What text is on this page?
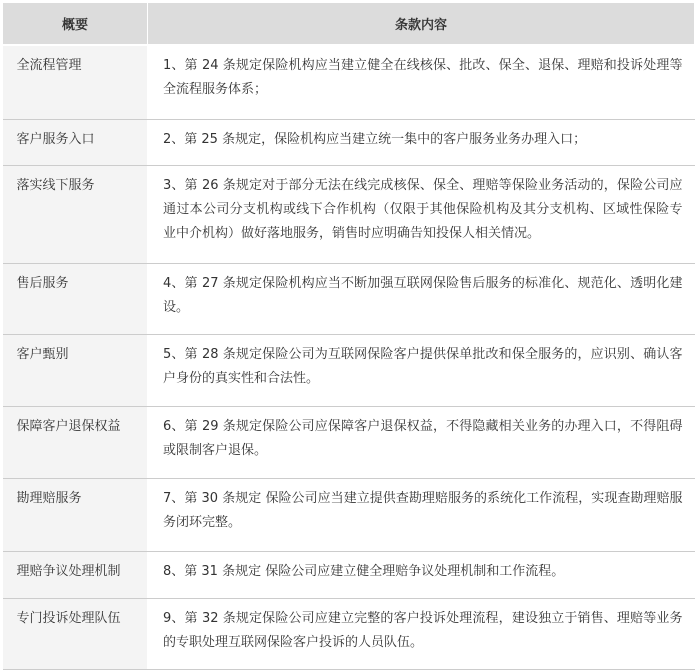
概要	条款内容
全流程管理	1、第 24 条规定保险机构应当建立健全在线核保、批改、保全、退保、理赔和投诉处理等全流程服务体系；
客户服务入口	2、第 25 条规定，保险机构应当建立统一集中的客户服务业务办理入口；
落实线下服务	3、第 26 条规定对于部分无法在线完成核保、保全、理赔等保险业务活动的，保险公司应通过本公司分支机构或线下合作机构（仅限于其他保险机构及其分支机构、区域性保险专业中介机构）做好落地服务，销售时应明确告知投保人相关情况。
售后服务	4、第 27 条规定保险机构应当不断加强互联网保险售后服务的标准化、规范化、透明化建设。
客户甄别	5、第 28 条规定保险公司为互联网保险客户提供保单批改和保全服务的，应识别、确认客户身份的真实性和合法性。
保障客户退保权益	6、第 29 条规定保险公司应保障客户退保权益，不得隐藏相关业务的办理入口，不得阻碍或限制客户退保。
勘理赔服务	7、第 30 条规定 保险公司应当建立提供查勘理赔服务的系统化工作流程，实现查勘理赔服务闭环完整。
理赔争议处理机制	8、第 31 条规定 保险公司应建立健全理赔争议处理机制和工作流程。
专门投诉处理队伍	9、第 32 条规定保险公司应建立完整的客户投诉处理流程，建设独立于销售、理赔等业务的专职处理互联网保险客户投诉的人员队伍。
